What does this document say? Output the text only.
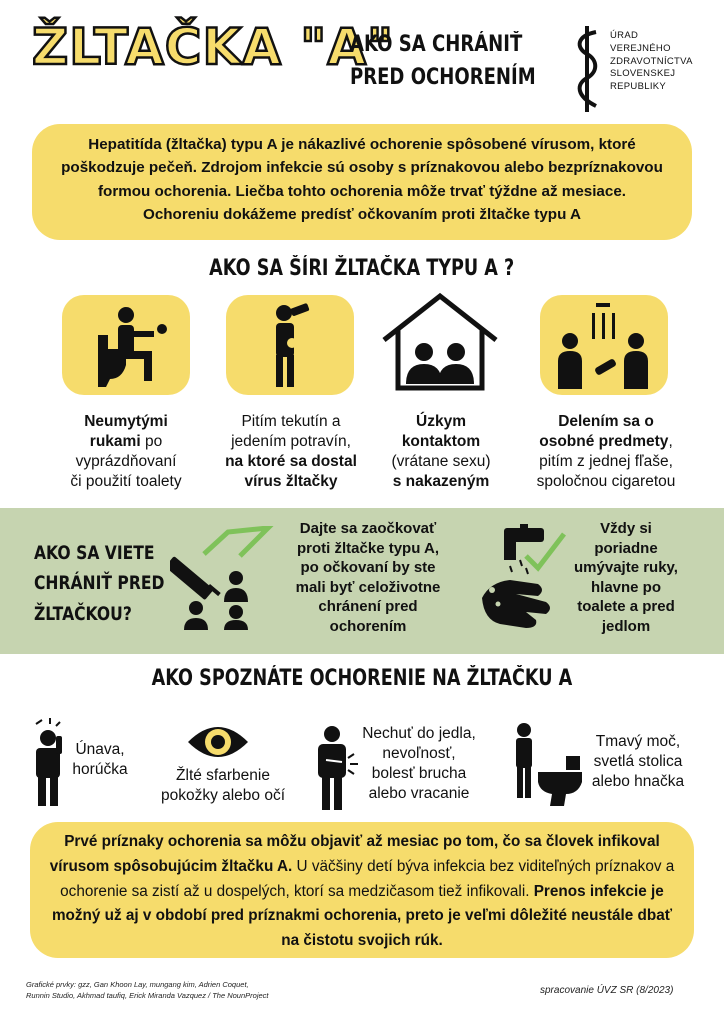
ŽLTAČKA "A"
AKO SA CHRÁNIŤ
PRED OCHORENÍM
ÚRAD
VEREJNÉHO
ZDRAVOTNÍCTVA
SLOVENSKEJ
REPUBLIKY
Hepatitída (žltačka) typu A je nákazlivé ochorenie spôsobené vírusom, ktoré poškodzuje pečeň. Zdrojom infekcie sú osoby s príznakovou alebo bezpríznakovou formou ochorenia. Liečba tohto ochorenia môže trvať týždne až mesiace. Ochoreniu dokážeme predísť očkovaním proti žltačke typu A
AKO SA ŠÍRI ŽLTAČKA TYPU A ?
Neumytými
rukami po
vyprázdňovaní
či použití toalety
Pitím tekutín a
jedením potravín,
na ktoré sa dostal
vírus žltačky
Úzkym
kontaktom
(vrátane sexu)
s nakazeným
Delením sa o
osobné predmety,
pitím z jednej fľaše,
spoločnou cigaretou
AKO SA VIETE
CHRÁNIŤ PRED
ŽLTAČKOU?
Dajte sa zaočkovať
proti žltačke typu A,
po očkovaní by ste
mali byť celoživotne
chránení pred
ochorením
Vždy si
poriadne
umývajte ruky,
hlavne po
toalete a pred
jedlom
AKO SPOZNÁTE OCHORENIE NA ŽLTAČKU A
Únava,
horúčka	Žlté sfarbenie
pokožky alebo očí
Nechuť do jedla,
nevoľnosť,
bolesť brucha
alebo vracanie
Tmavý moč,
svetlá stolica
alebo hnačka
Prvé príznaky ochorenia sa môžu objaviť až mesiac po tom, čo sa človek infikoval vírusom spôsobujúcim žltačku A. U väčšiny detí býva infekcia bez viditeľných príznakov a ochorenie sa zistí až u dospelých, ktorí sa medzičasom tiež infikovali. Prenos infekcie je možný už aj v období pred príznakmi ochorenia, preto je veľmi dôležité neustále dbať na čistotu svojich rúk.
Grafické prvky: gzz, Gan Khoon Lay, mungang kim, Adrien Coquet,
Runnin Studio, Akhmad taufiq, Erick Miranda Vazquez / The NounProject	spracovanie ÚVZ SR (8/2023)
